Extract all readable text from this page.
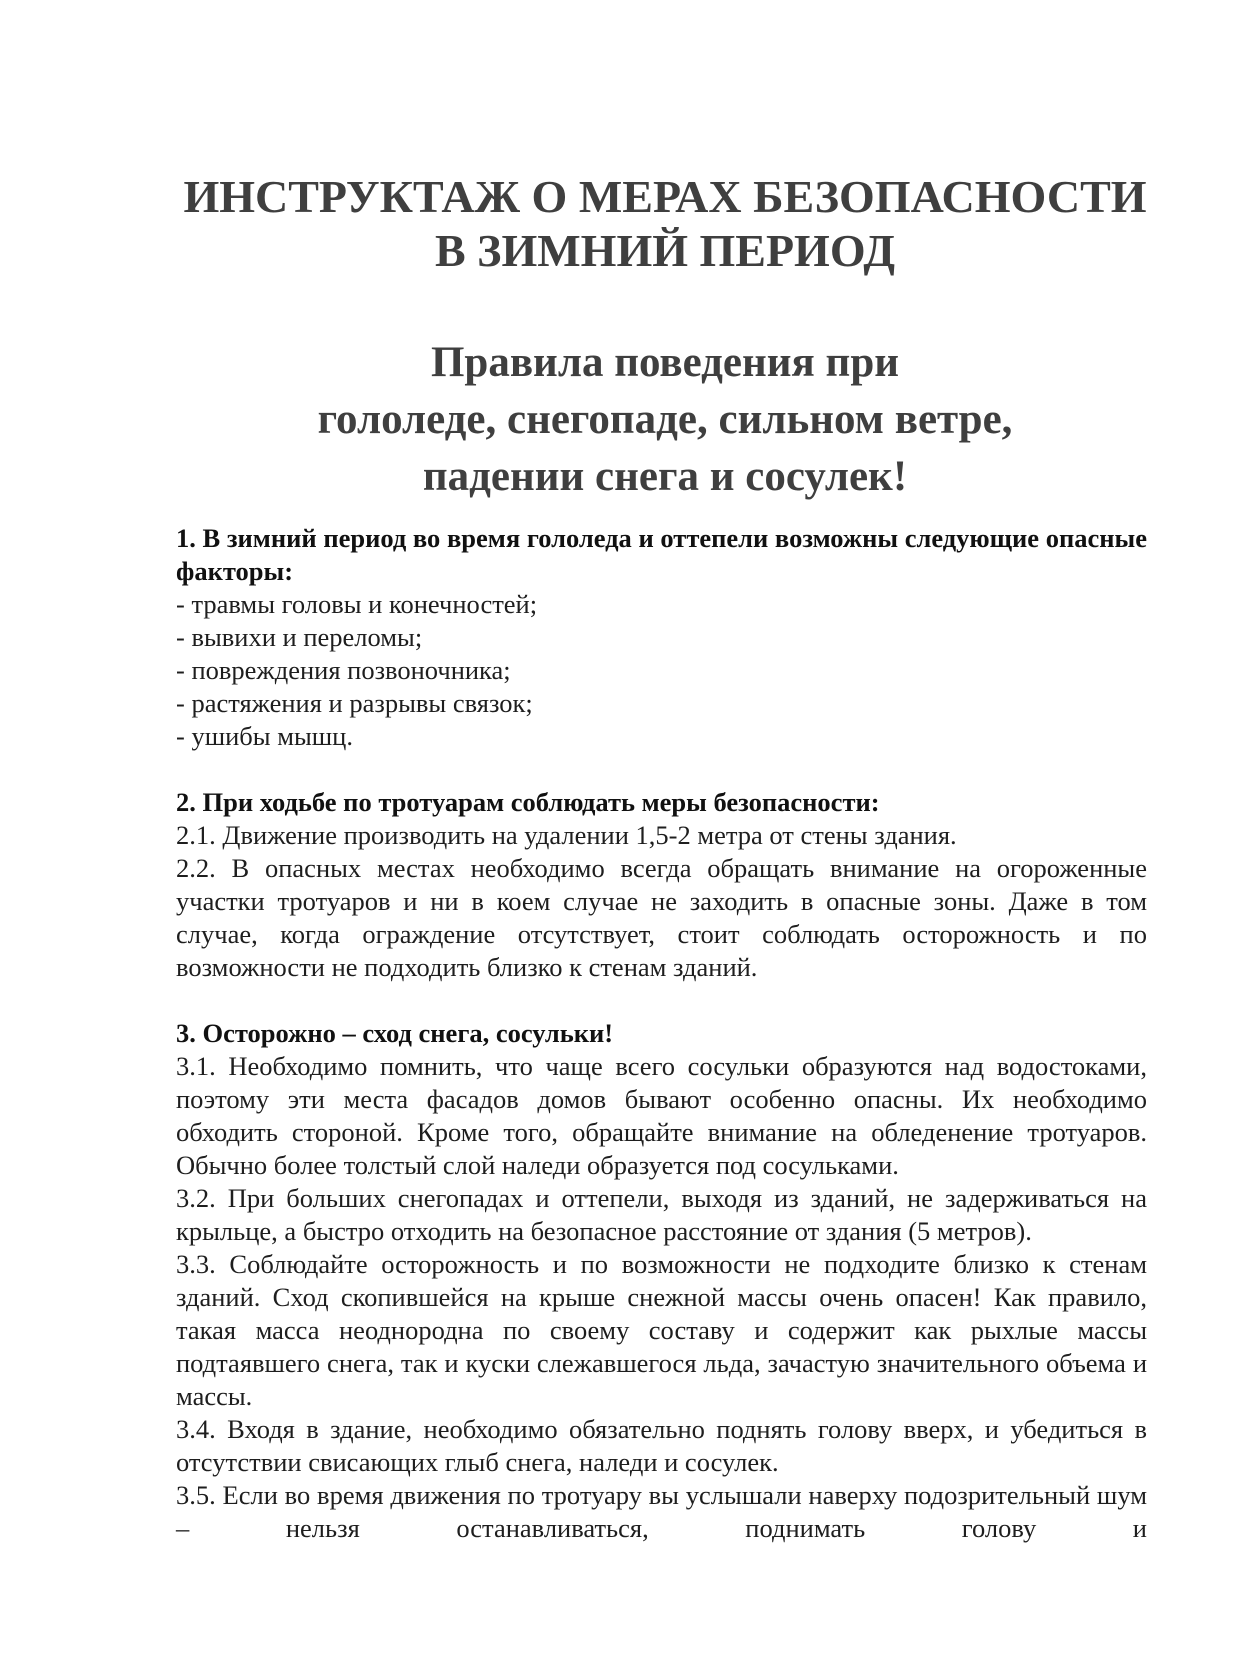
ИНСТРУКТАЖ О МЕРАХ БЕЗОПАСНОСТИ
В ЗИМНИЙ ПЕРИОД
Правила поведения при
гололеде, снегопаде, сильном ветре,
падении снега и сосулек!

1. В зимний период во время гололеда и оттепели возможны следующие опасные факторы:

- травмы головы и конечностей;

- вывихи и переломы;

- повреждения позвоночника;

- растяжения и разрывы связок;

- ушибы мышц.

2. При ходьбе по тротуарам соблюдать меры безопасности:

2.1. Движение производить на удалении 1,5-2 метра от стены здания.

2.2. В опасных местах необходимо всегда обращать внимание на огороженные участки тротуаров и ни в коем случае не заходить в опасные зоны. Даже в том случае, когда ограждение отсутствует, стоит соблюдать осторожность и по возможности не подходить близко к стенам зданий.

3. Осторожно – сход снега, сосульки!

3.1. Необходимо помнить, что чаще всего сосульки образуются над водостоками, поэтому эти места фасадов домов бывают особенно опасны. Их необходимо обходить стороной. Кроме того, обращайте внимание на обледенение тротуаров. Обычно более толстый слой наледи образуется под сосульками.

3.2. При больших снегопадах и оттепели, выходя из зданий, не задерживаться на крыльце, а быстро отходить на безопасное расстояние от здания (5 метров).

3.3. Соблюдайте осторожность и по возможности не подходите близко к стенам зданий. Сход скопившейся на крыше снежной массы очень опасен! Как правило, такая масса неоднородна по своему составу и содержит как рыхлые массы подтаявшего снега, так и куски слежавшегося льда, зачастую значительного объема и массы.

3.4. Входя в здание, необходимо обязательно поднять голову вверх, и убедиться в отсутствии свисающих глыб снега, наледи и сосулек.

3.5. Если во время движения по тротуару вы услышали наверху подозрительный шум – нельзя останавливаться, поднимать голову и
